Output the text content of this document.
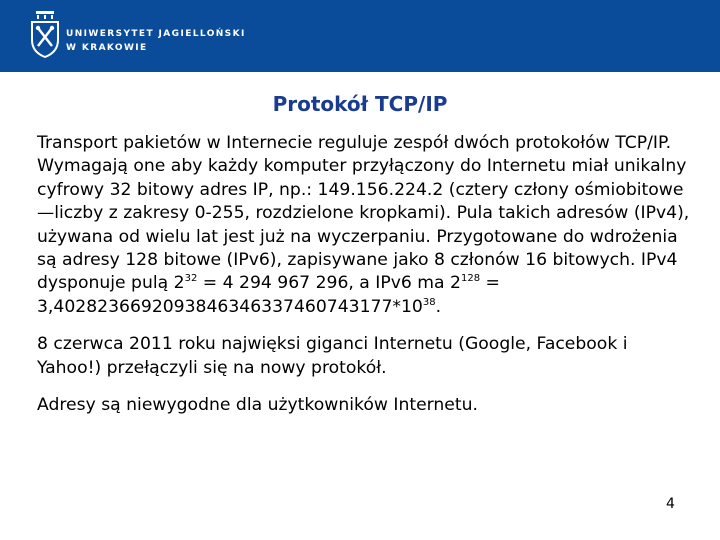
UNIWERSYTET JAGIELLOŃSKI
W KRAKOWIE
Protokół TCP/IP

Transport pakietów w Internecie reguluje zespół dwóch protokołów TCP/IP. Wymagają one aby każdy komputer przyłączony do Internetu miał unikalny cyfrowy 32 bitowy adres IP, np.: 149.156.224.2 (cztery człony ośmiobitowe —liczby z zakresy 0-255, rozdzielone kropkami). Pula takich adresów (IPv4), używana od wielu lat jest już na wyczerpaniu. Przygotowane do wdrożenia są adresy 128 bitowe (IPv6), zapisywane jako 8 członów 16 bitowych. IPv4 dysponuje pulą $2^{32} = 4$ 294 967 296, a IPv6 ma $2^{128}$ = $3,40282366920938463463374607431​77*10^{38}$.

8 czerwca 2011 roku najwięksi giganci Internetu (Google, Facebook i Yahoo!) przełączyli się na nowy protokół.

Adresy są niewygodne dla użytkowników Internetu.

4
